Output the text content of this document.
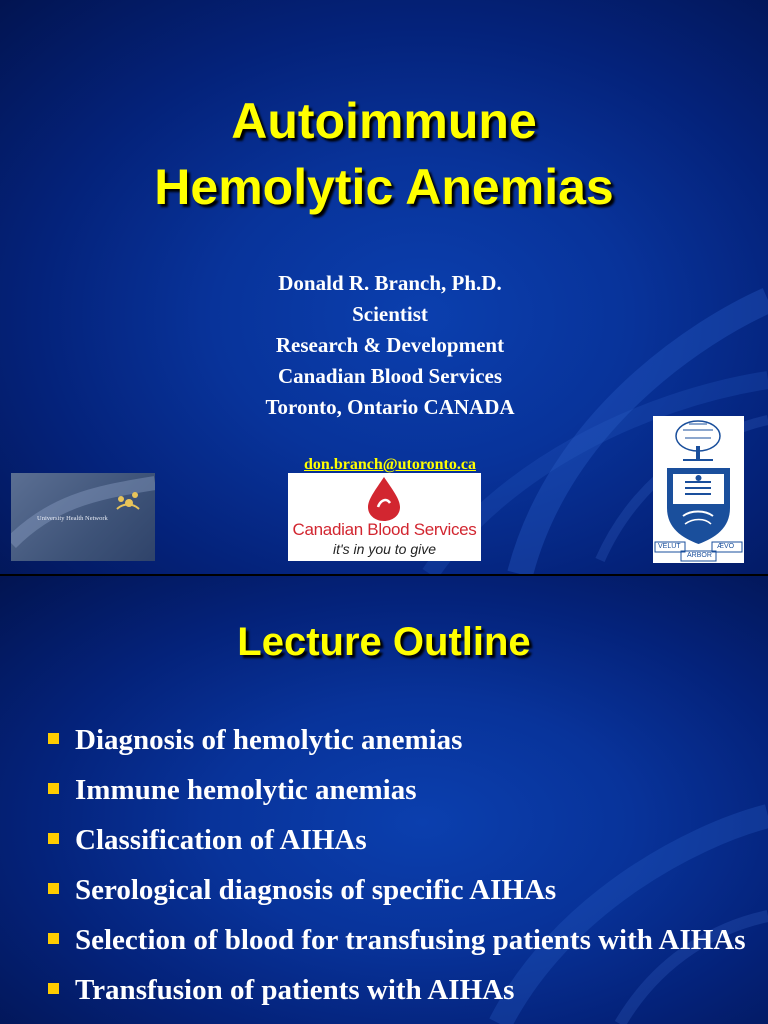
Autoimmune
Hemolytic Anemias
Donald R. Branch, Ph.D.
Scientist
Research & Development
Canadian Blood Services
Toronto, Ontario CANADA
don.branch@utoronto.ca
University Health Network
Canadian Blood Services
it's in you to give	VELUT	ÆVO
ARBOR
Lecture Outline
Diagnosis of hemolytic anemias
Immune hemolytic anemias
Classification of AIHAs
Serological diagnosis of specific AIHAs
Selection of blood for transfusing patients with AIHAs
Transfusion of patients with AIHAs
